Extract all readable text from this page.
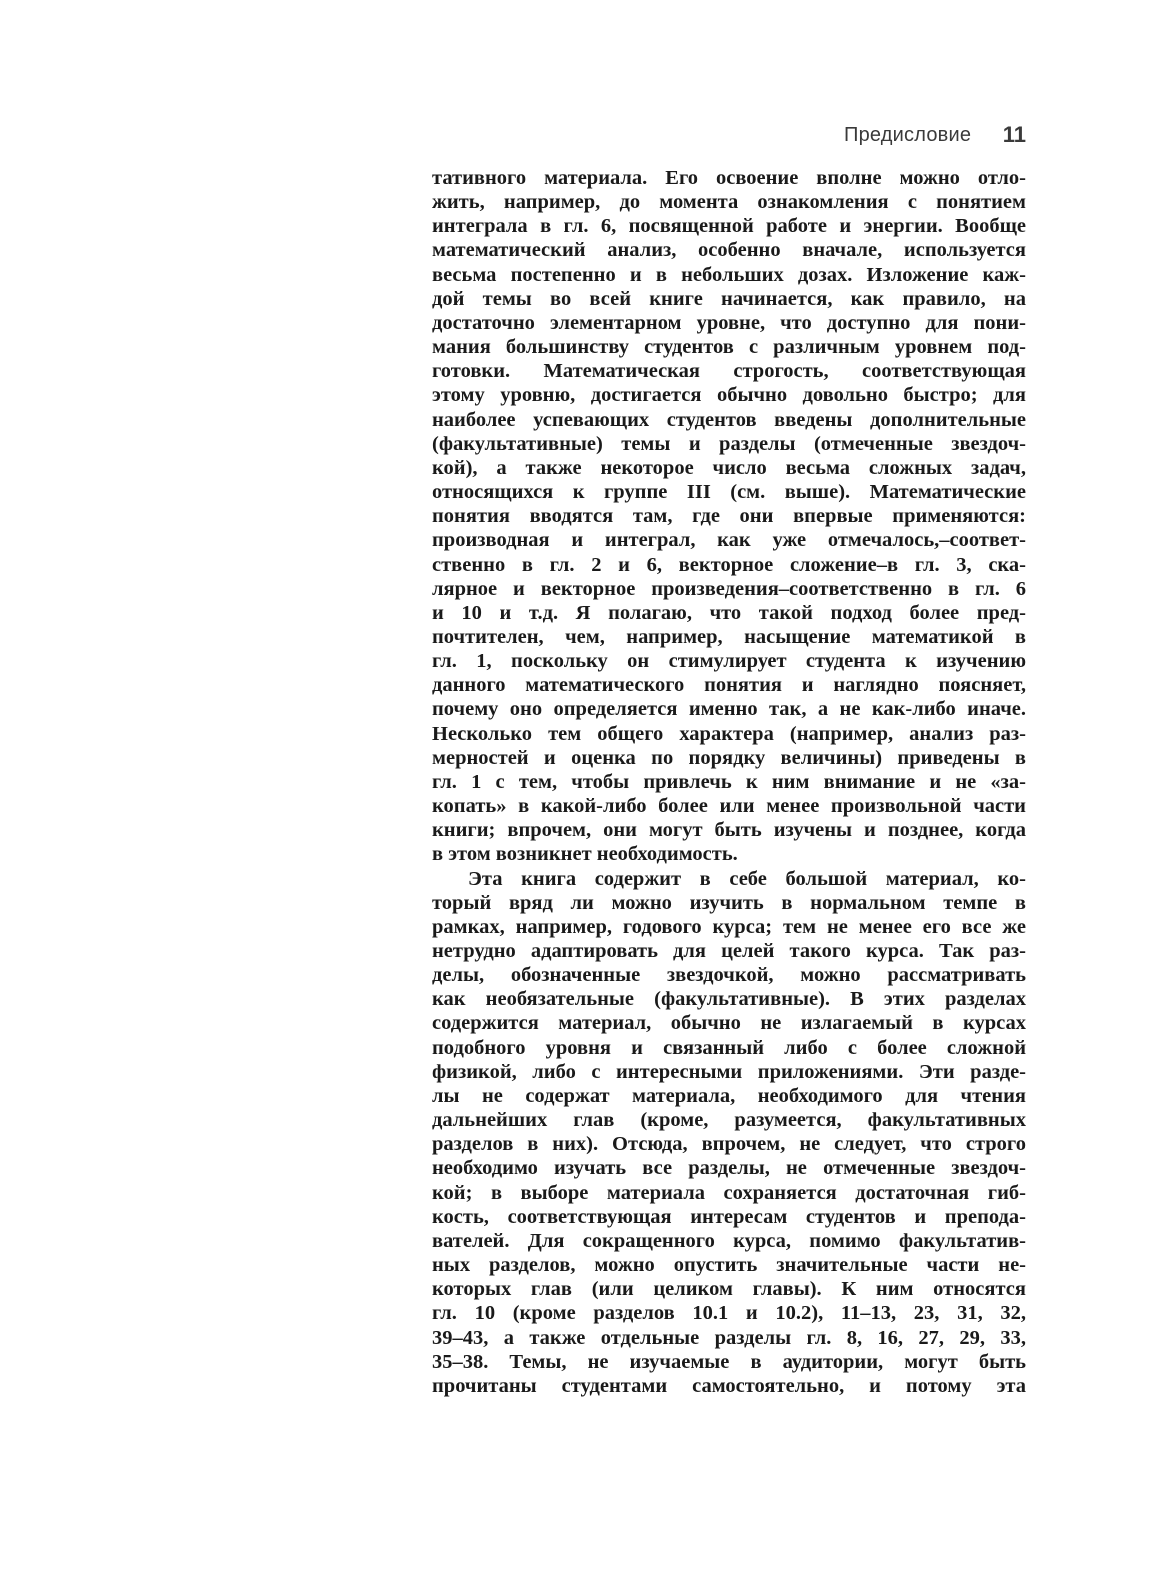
Предисловие 11
тативного материала. Его освоение вполне можно отло-
жить, например, до момента ознакомления с понятием
интеграла в гл. 6, посвященной работе и энергии. Вообще
математический анализ, особенно вначале, используется
весьма постепенно и в небольших дозах. Изложение каж-
дой темы во всей книге начинается, как правило, на
достаточно элементарном уровне, что доступно для пони-
мания большинству студентов с различным уровнем под-
готовки. Математическая строгость, соответствующая
этому уровню, достигается обычно довольно быстро; для
наиболее успевающих студентов введены дополнительные
(факультативные) темы и разделы (отмеченные звездоч-
кой), а также некоторое число весьма сложных задач,
относящихся к группе III (см. выше). Математические
понятия вводятся там, где они впервые применяются:
производная и интеграл, как уже отмечалось,–соответ-
ственно в гл. 2 и 6, векторное сложение–в гл. 3, ска-
лярное и векторное произведения–соответственно в гл. 6
и 10 и т.д. Я полагаю, что такой подход более пред-
почтителен, чем, например, насыщение математикой в
гл. 1, поскольку он стимулирует студента к изучению
данного математического понятия и наглядно поясняет,
почему оно определяется именно так, а не как-либо иначе.
Несколько тем общего характера (например, анализ раз-
мерностей и оценка по порядку величины) приведены в
гл. 1 с тем, чтобы привлечь к ним внимание и не «за-
копать» в какой-либо более или менее произвольной части
книги; впрочем, они могут быть изучены и позднее, когда
в этом возникнет необходимость.
Эта книга содержит в себе большой материал, ко-
торый вряд ли можно изучить в нормальном темпе в
рамках, например, годового курса; тем не менее его все же
нетрудно адаптировать для целей такого курса. Так раз-
делы, обозначенные звездочкой, можно рассматривать
как необязательные (факультативные). В этих разделах
содержится материал, обычно не излагаемый в курсах
подобного уровня и связанный либо с более сложной
физикой, либо с интересными приложениями. Эти разде-
лы не содержат материала, необходимого для чтения
дальнейших глав (кроме, разумеется, факультативных
разделов в них). Отсюда, впрочем, не следует, что строго
необходимо изучать все разделы, не отмеченные звездоч-
кой; в выборе материала сохраняется достаточная гиб-
кость, соответствующая интересам студентов и препода-
вателей. Для сокращенного курса, помимо факультатив-
ных разделов, можно опустить значительные части не-
которых глав (или целиком главы). К ним относятся
гл. 10 (кроме разделов 10.1 и 10.2), 11–13, 23, 31, 32,
39–43, а также отдельные разделы гл. 8, 16, 27, 29, 33,
35–38. Темы, не изучаемые в аудитории, могут быть
прочитаны студентами самостоятельно, и потому эта
